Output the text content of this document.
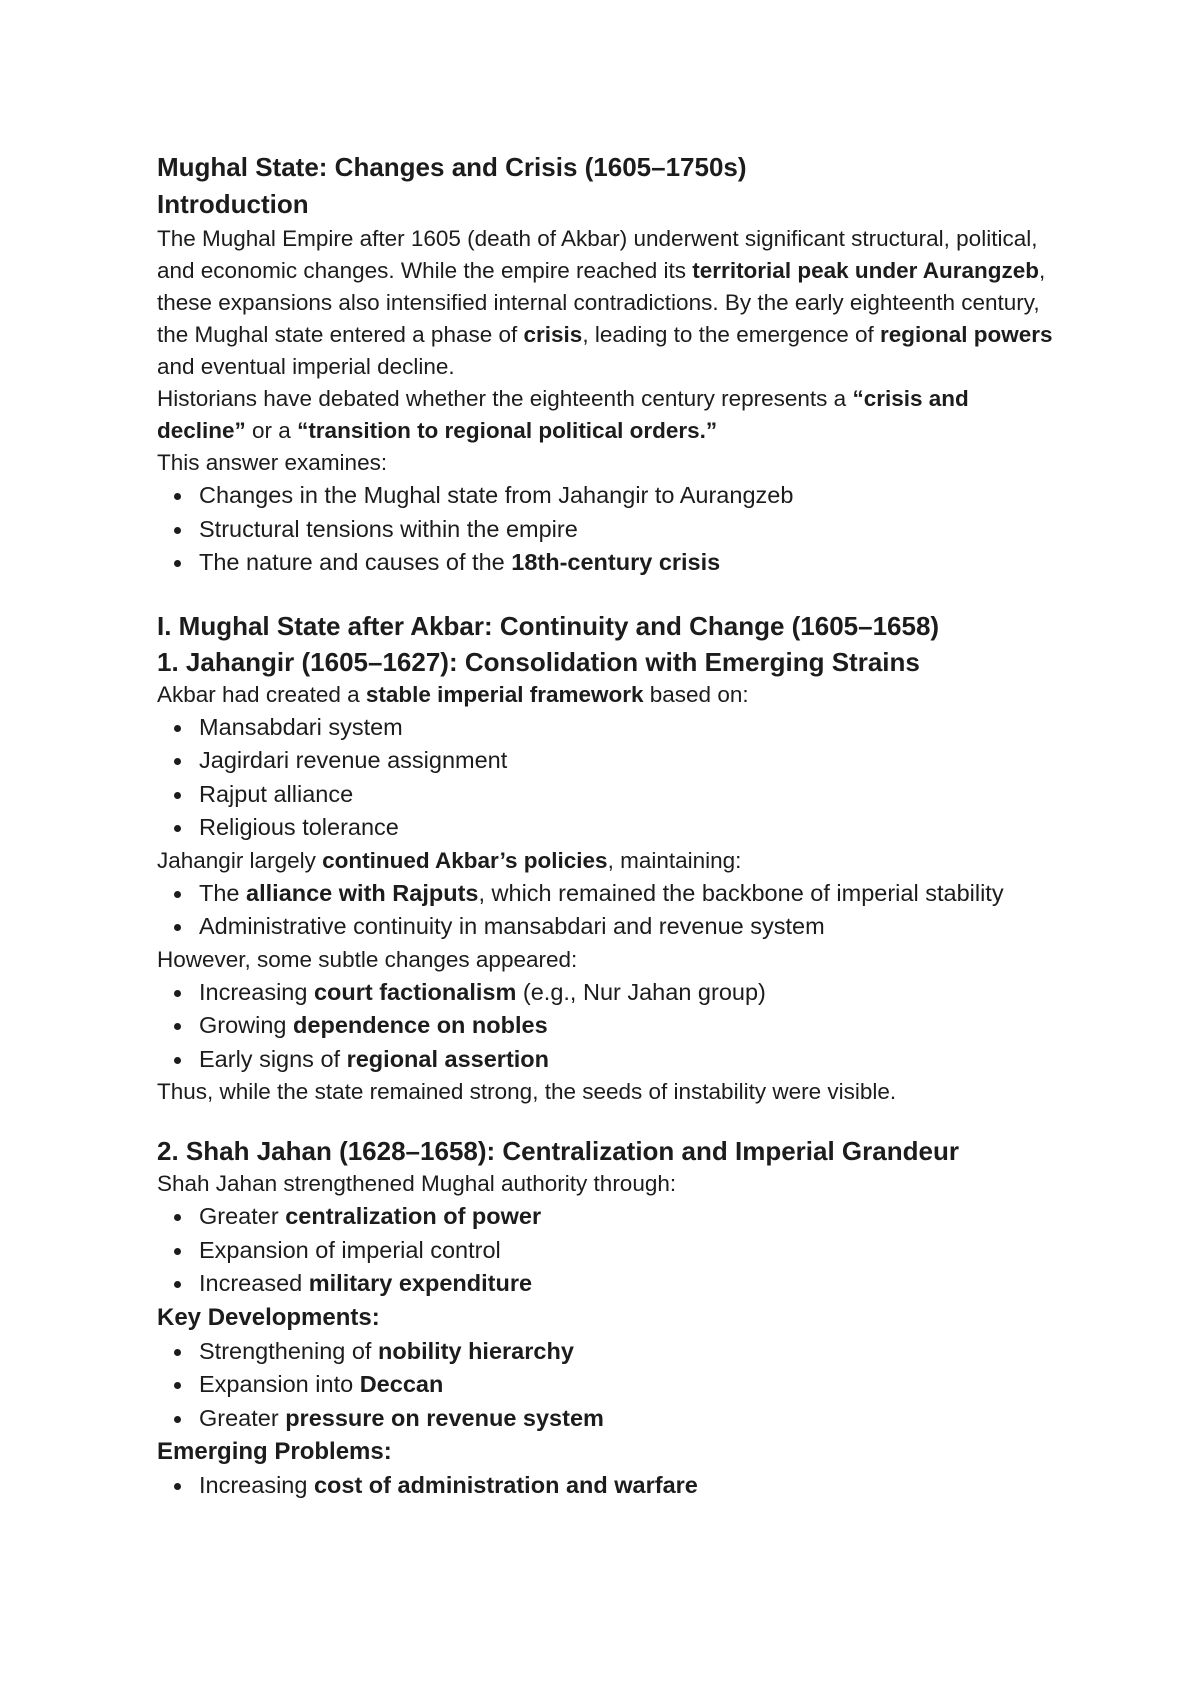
Mughal State: Changes and Crisis (1605–1750s)
Introduction

The Mughal Empire after 1605 (death of Akbar) underwent significant structural, political, and economic changes. While the empire reached its territorial peak under Aurangzeb, these expansions also intensified internal contradictions. By the early eighteenth century, the Mughal state entered a phase of crisis, leading to the emergence of regional powers and eventual imperial decline.

Historians have debated whether the eighteenth century represents a “crisis and decline” or a “transition to regional political orders.”

This answer examines:

Changes in the Mughal state from Jahangir to Aurangzeb
Structural tensions within the empire
The nature and causes of the 18th-century crisis
I. Mughal State after Akbar: Continuity and Change (1605–1658)
1. Jahangir (1605–1627): Consolidation with Emerging Strains

Akbar had created a stable imperial framework based on:

Mansabdari system
Jagirdari revenue assignment
Rajput alliance
Religious tolerance

Jahangir largely continued Akbar’s policies, maintaining:

The alliance with Rajputs, which remained the backbone of imperial stability
Administrative continuity in mansabdari and revenue system

However, some subtle changes appeared:

Increasing court factionalism (e.g., Nur Jahan group)
Growing dependence on nobles
Early signs of regional assertion

Thus, while the state remained strong, the seeds of instability were visible.

2. Shah Jahan (1628–1658): Centralization and Imperial Grandeur

Shah Jahan strengthened Mughal authority through:

Greater centralization of power
Expansion of imperial control
Increased military expenditure
Key Developments:
Strengthening of nobility hierarchy
Expansion into Deccan
Greater pressure on revenue system
Emerging Problems:
Increasing cost of administration and warfare
